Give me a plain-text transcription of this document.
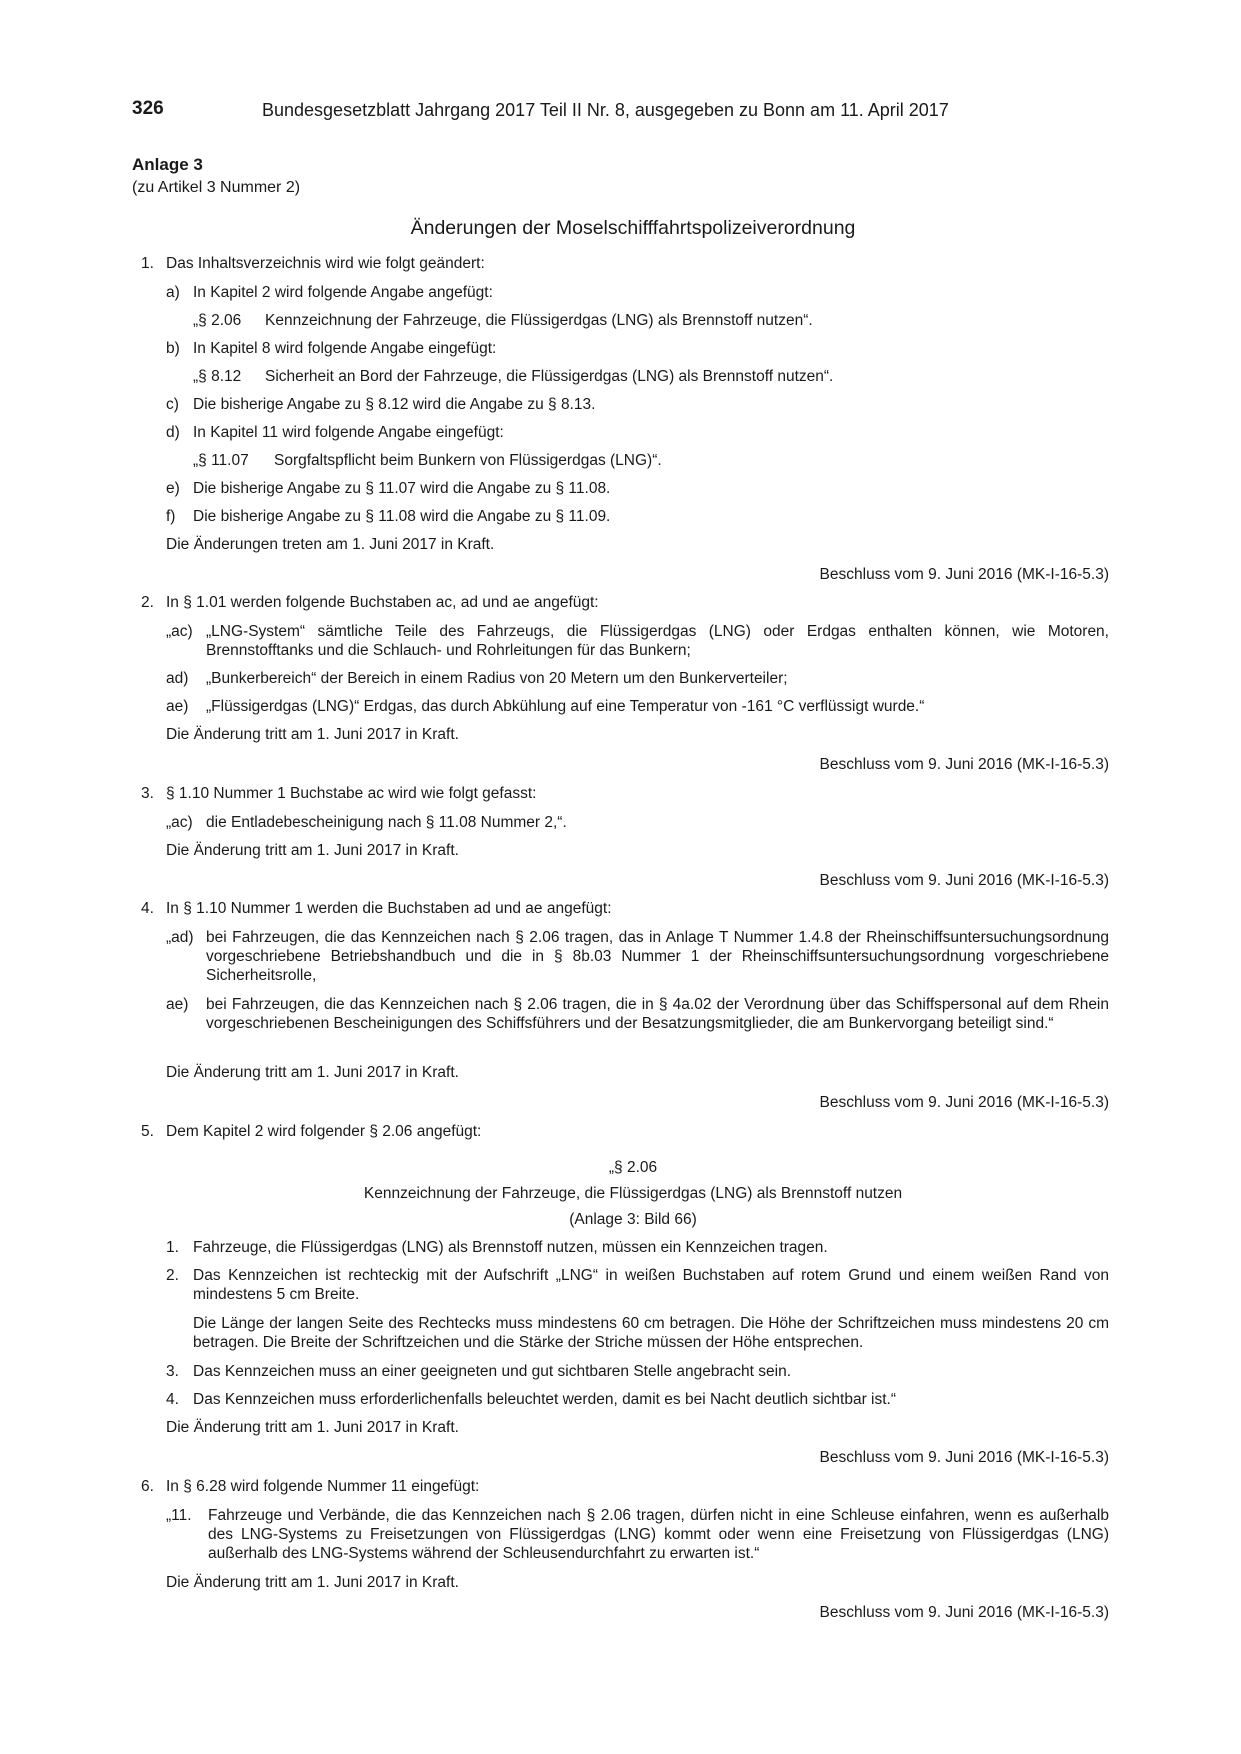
326	Bundesgesetzblatt Jahrgang 2017 Teil II Nr. 8, ausgegeben zu Bonn am 11. April 2017
Anlage 3
(zu Artikel 3 Nummer 2)
Änderungen der Moselschifffahrtspolizeiverordnung
1. Das Inhaltsverzeichnis wird wie folgt geändert:
a) In Kapitel 2 wird folgende Angabe angefügt:
„§ 2.06 Kennzeichnung der Fahrzeuge, die Flüssigerdgas (LNG) als Brennstoff nutzen“.
b) In Kapitel 8 wird folgende Angabe eingefügt:
„§ 8.12 Sicherheit an Bord der Fahrzeuge, die Flüssigerdgas (LNG) als Brennstoff nutzen“.
c) Die bisherige Angabe zu § 8.12 wird die Angabe zu § 8.13.
d) In Kapitel 11 wird folgende Angabe eingefügt:
„§ 11.07 Sorgfaltspflicht beim Bunkern von Flüssigerdgas (LNG)“.
e) Die bisherige Angabe zu § 11.07 wird die Angabe zu § 11.08.
f) Die bisherige Angabe zu § 11.08 wird die Angabe zu § 11.09.
Die Änderungen treten am 1. Juni 2017 in Kraft.
Beschluss vom 9. Juni 2016 (MK-I-16-5.3)
2. In § 1.01 werden folgende Buchstaben ac, ad und ae angefügt:
„ac) „LNG-System“ sämtliche Teile des Fahrzeugs, die Flüssigerdgas (LNG) oder Erdgas enthalten können, wie Motoren, Brennstofftanks und die Schlauch- und Rohrleitungen für das Bunkern;
ad) „Bunkerbereich“ der Bereich in einem Radius von 20 Metern um den Bunkerverteiler;
ae) „Flüssigerdgas (LNG)“ Erdgas, das durch Abkühlung auf eine Temperatur von -161 °C verflüssigt wurde.“
Die Änderung tritt am 1. Juni 2017 in Kraft.
Beschluss vom 9. Juni 2016 (MK-I-16-5.3)
3. § 1.10 Nummer 1 Buchstabe ac wird wie folgt gefasst:
„ac) die Entladebescheinigung nach § 11.08 Nummer 2,“.
Die Änderung tritt am 1. Juni 2017 in Kraft.
Beschluss vom 9. Juni 2016 (MK-I-16-5.3)
4. In § 1.10 Nummer 1 werden die Buchstaben ad und ae angefügt:
„ad) bei Fahrzeugen, die das Kennzeichen nach § 2.06 tragen, das in Anlage T Nummer 1.4.8 der Rheinschiffsuntersuchungsordnung vorgeschriebene Betriebshandbuch und die in § 8b.03 Nummer 1 der Rheinschiffsuntersuchungsordnung vorgeschriebene Sicherheitsrolle,
ae) bei Fahrzeugen, die das Kennzeichen nach § 2.06 tragen, die in § 4a.02 der Verordnung über das Schiffspersonal auf dem Rhein vorgeschriebenen Bescheinigungen des Schiffsführers und der Besatzungsmitglieder, die am Bunkervorgang beteiligt sind.“
Die Änderung tritt am 1. Juni 2017 in Kraft.
Beschluss vom 9. Juni 2016 (MK-I-16-5.3)
5. Dem Kapitel 2 wird folgender § 2.06 angefügt:
„§ 2.06
Kennzeichnung der Fahrzeuge, die Flüssigerdgas (LNG) als Brennstoff nutzen
(Anlage 3: Bild 66)
1. Fahrzeuge, die Flüssigerdgas (LNG) als Brennstoff nutzen, müssen ein Kennzeichen tragen.
2. Das Kennzeichen ist rechteckig mit der Aufschrift „LNG“ in weißen Buchstaben auf rotem Grund und einem weißen Rand von mindestens 5 cm Breite.
Die Länge der langen Seite des Rechtecks muss mindestens 60 cm betragen. Die Höhe der Schriftzeichen muss mindestens 20 cm betragen. Die Breite der Schriftzeichen und die Stärke der Striche müssen der Höhe entsprechen.
3. Das Kennzeichen muss an einer geeigneten und gut sichtbaren Stelle angebracht sein.
4. Das Kennzeichen muss erforderlichenfalls beleuchtet werden, damit es bei Nacht deutlich sichtbar ist.“
Die Änderung tritt am 1. Juni 2017 in Kraft.
Beschluss vom 9. Juni 2016 (MK-I-16-5.3)
6. In § 6.28 wird folgende Nummer 11 eingefügt:
„11. Fahrzeuge und Verbände, die das Kennzeichen nach § 2.06 tragen, dürfen nicht in eine Schleuse einfahren, wenn es außerhalb des LNG-Systems zu Freisetzungen von Flüssigerdgas (LNG) kommt oder wenn eine Freisetzung von Flüssigerdgas (LNG) außerhalb des LNG-Systems während der Schleusendurchfahrt zu erwarten ist.“
Die Änderung tritt am 1. Juni 2017 in Kraft.
Beschluss vom 9. Juni 2016 (MK-I-16-5.3)
